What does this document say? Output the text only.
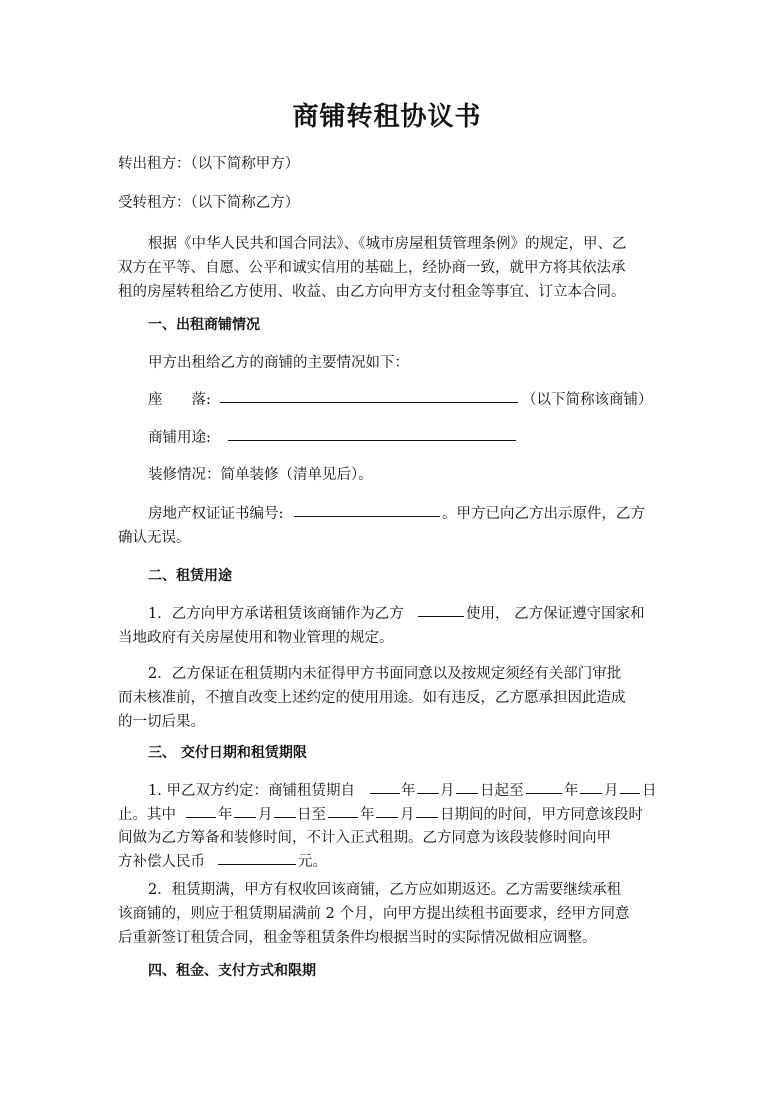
商铺转租协议书
转出租方：（以下简称甲方）
受转租方：（以下简称乙方）
根据《中华人民共和国合同法》、《城市房屋租赁管理条例》的规定，甲、乙
双方在平等、自愿、公平和诚实信用的基础上，经协商一致，就甲方将其依法承
租的房屋转租给乙方使用、收益、由乙方向甲方支付租金等事宜、订立本合同。
一、出租商铺情况
甲方出租给乙方的商铺的主要情况如下：
座　　落:	（以下简称该商铺）
商铺用途:
装修情况：简单装修（清单见后）。
房地产权证证书编号:	。甲方已向乙方出示原件，乙方
确认无误。
二、租赁用途
1．乙方向甲方承诺租赁该商铺作为乙方	使用， 乙方保证遵守国家和
当地政府有关房屋使用和物业管理的规定。
2．乙方保证在租赁期内未征得甲方书面同意以及按规定须经有关部门审批
而未核准前，不擅自改变上述约定的使用用途。如有违反，乙方愿承担因此造成
的一切后果。
三、 交付日期和租赁期限
1. 甲乙双方约定：商铺租赁期自	年 月 日起至	年 月 日
止。其中	年 月 日至 年 月 日期间的时间，甲方同意该段时
间做为乙方筹备和装修时间，不计入正式租期。乙方同意为该段装修时间向甲
方补偿人民币	元。
2．租赁期满，甲方有权收回该商铺，乙方应如期返还。乙方需要继续承租
该商铺的，则应于租赁期届满前 2 个月，向甲方提出续租书面要求，经甲方同意
后重新签订租赁合同，租金等租赁条件均根据当时的实际情况做相应调整。
四、租金、支付方式和限期
